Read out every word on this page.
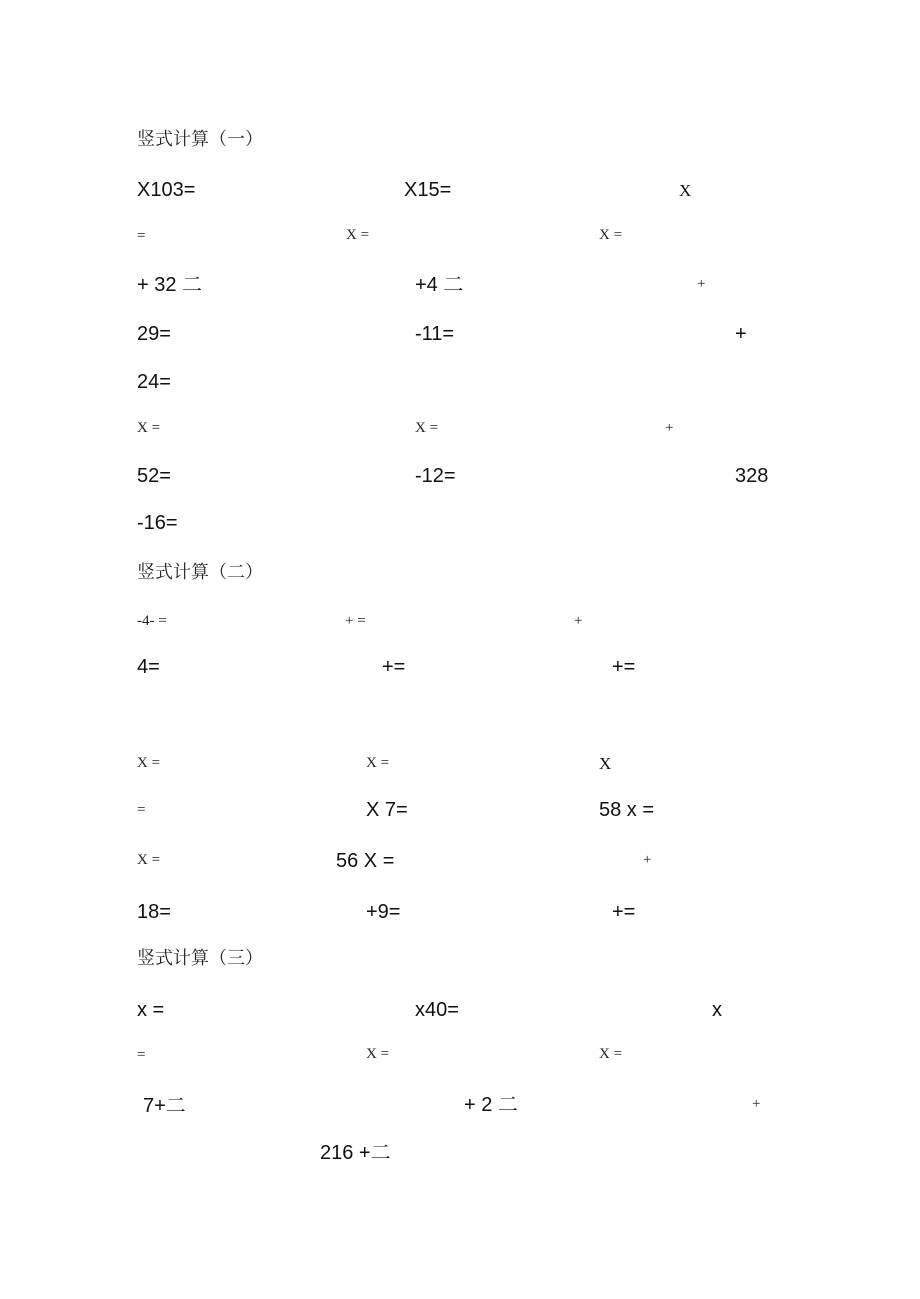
竖式计算（一）
X103=	X15=	X
=	X =	X =
+ 32 二	+4 二	+
29=	-11=	+
24=
X =	X =	+
52=	-12=	328
-16=
竖式计算（二）
-4- =	+ =	+
4=	+=	+=
X =	X =	X
=	X 7=	58 x =
X =	56 X =	+
18=	+9=	+=
竖式计算（三）
x =	x40=	x
=	X =	X =
7+二	+ 2 二	+
216 +二
